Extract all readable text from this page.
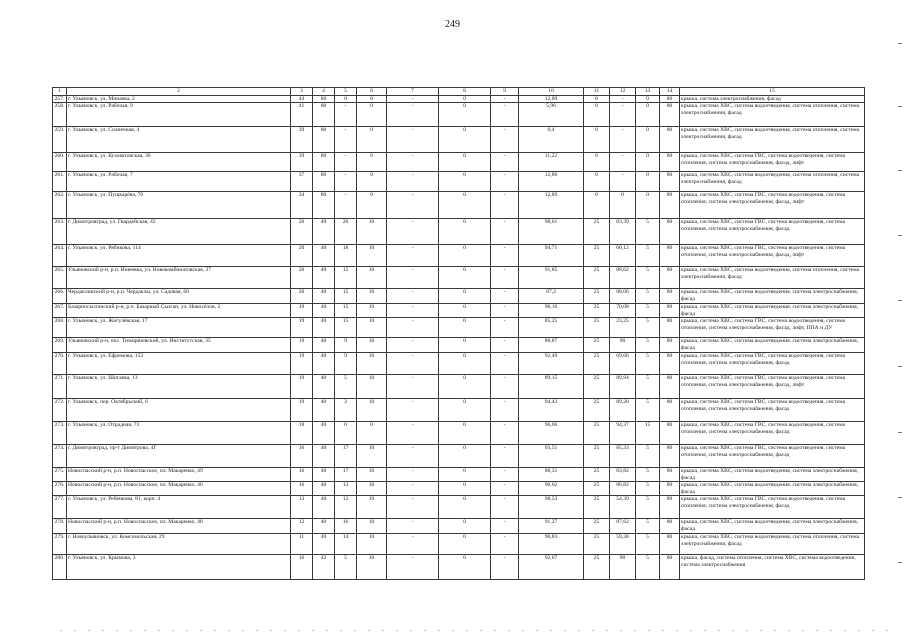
249
1	2	3	4	5	6	7	8	9	10	11	12	13	14	15
257.	г. Ульяновск, ул. Минаева, 2	44	80	0	0	-	0	-	12,89	0	-	0	80	крыша, система электроснабжения, фасад
258.	г. Ульяновск, ул. Рабочая, 9	41	80	-	0	-	0	-	5,96	0	-	0	80	крыша, система ХВС, система водоотведения, система отопления, система электроснабжения, фасад
259.	г. Ульяновск, ул. Солнечная, 4	39	80	-	0	-	0	-	6,4	0	-	0	80	крыша, система ХВС, система водоотведения, система отопления, система электроснабжения, фасад
260.	г. Ульяновск, ул. Кузоватовская, 30	39	80	-	0	-	0	-	11,22	0	-	0	80	крыша, система ХВС, система ГВС, система водоотведения, система отопления, система электроснабжения, фасад, лифт
261.	г. Ульяновск, ул. Рабочая, 7	37	80	-	0	-	0	-	12,86	0	-	0	80	крыша, система ХВС, система водоотведения, система отопления, система электроснабжения, фасад
262.	г. Ульяновск, ул. Пушкарёва, 70	34	80	-	0	-	0	-	12,89	0	0	0	80	крыша, система ХВС, система ГВС, система водоотведения, система отопления, система электроснабжения, фасад, лифт
263.	г. Димитровград, ул. Гвардейская, 42	20	40	20	10	-	0	-	98,61	25	83,39	5	80	крыша, система ХВС, система ГВС, система водоотведения, система отопления, система электроснабжения, фасад
264.	г. Ульяновск, ул. Рябикова, 114	20	40	18	10	-	0	-	94,71	25	60,12	5	80	крыша, система ХВС, система ГВС, система водоотведения, система отопления, система электроснабжения, фасад, лифт
265.	Ульяновский р-н, р.п. Ишеевка, ул. Новокомбинатовская, 27	20	40	15	10	-	0	-	91,85	25	88,62	5	80	крыша, система ХВС, система водоотведения, система отопления, система электроснабжения, фасад
266.	Чердаклинский р-н, р.п. Чердаклы, ул. Садовая, 60	20	40	15	10	-	0	-	87,2	25	88,06	5	80	крыша, система ХВС, система водоотведения, система электроснабжения, фасад
267.	Базарносызганский р-н, р.п. Базарный Сызган, ул. Новосёлов, 2	19	40	15	10	-	0	-	96,16	25	70,08	5	80	крыша, система ХВС, система водоотведения, система электроснабжения, фасад
268.	г. Ульяновск, ул. Жигулёвская, 17	19	40	15	10	-	0	-	85,25	25	23,25	5	80	крыша, система ХВС, система ГВС, система водоотведения, система отопления, система электроснабжения, фасад, лифт, ППА и ДУ
269.	Ульяновский р-н, пос. Тимирязевский, ул. Институтская, 35	19	40	9	10	-	0	-	88,87	25	90	5	80	крыша, система ХВС, система водоотведения, система электроснабжения, фасад
270.	г. Ульяновск, ул. Ефремова, 153	19	40	9	10	-	0	-	92,49	25	69,66	5	80	крыша, система ХВС, система ГВС, система водоотведения, система отопления, система электроснабжения, фасад
271.	г. Ульяновск, ул. Шигаева, 13	19	40	5	10	-	0	-	89,15	25	89,94	5	80	крыша, система ХВС, система ГВС, система водоотведения, система отопления, система электроснабжения, фасад, лифт
272.	г. Ульяновск, пер. Октябрьский, 6	19	40	3	10	-	0	-	94,43	25	89,28	5	80	крыша, система ХВС, система ГВС, система водоотведения, система отопления, система электроснабжения, фасад
273.	г. Ульяновск, ул. Отрадная, 73	18	40	0	0	-	0	-	96,66	25	94,37	15	80	крыша, система ХВС, система ГВС, система водоотведения, система отопления, система электроснабжения, фасад
274.	г. Димитровград, пр-т Димитрова, 4Г	16	40	17	10	-	0	-	93,51	25	85,33	5	80	крыша, система ХВС, система ГВС, система водоотведения, система отопления, система электроснабжения, фасад
275.	Новоспасский р-н, р.п. Новоспасское, пл. Макаренко, 49	16	40	17	10	-	0	-	88,31	25	83,82	5	80	крыша, система ХВС, система водоотведения, система электроснабжения, фасад
276.	Новоспасский р-н, р.п. Новоспасское, пл. Макаренко, 46	16	40	13	10	-	0	-	90,62	25	86,82	5	80	крыша, система ХВС, система водоотведения, система электроснабжения, фасад
277.	г. Ульяновск, ул. Ребенкова, 81, корп. 4	13	40	12	10	-	0	-	98,53	25	54,39	5	80	крыша, система ХВС, система ГВС, система водоотведения, система отопления, система электроснабжения, фасад
278.	Новоспасский р-н, р.п. Новоспасское, пл. Макаренко, 48	12	40	16	10	-	0	-	91,27	25	87,62	5	80	крыша, система ХВС, система водоотведения, система электроснабжения, фасад
279.	г. Новоульяновск, ул. Комсомольская, 29	11	40	14	10	-	0	-	90,83	25	59,38	5	80	крыша, система ХВС, система водоотведения, система отопления, система электроснабжения, фасад
280.	г. Ульяновск, ул. Крымова, 3	16	42	5	10	-	0	-	92,67	25	90	5	80	крыша, фасад, система отопления, система ХВС, система водоотведения, система электроснабжения
